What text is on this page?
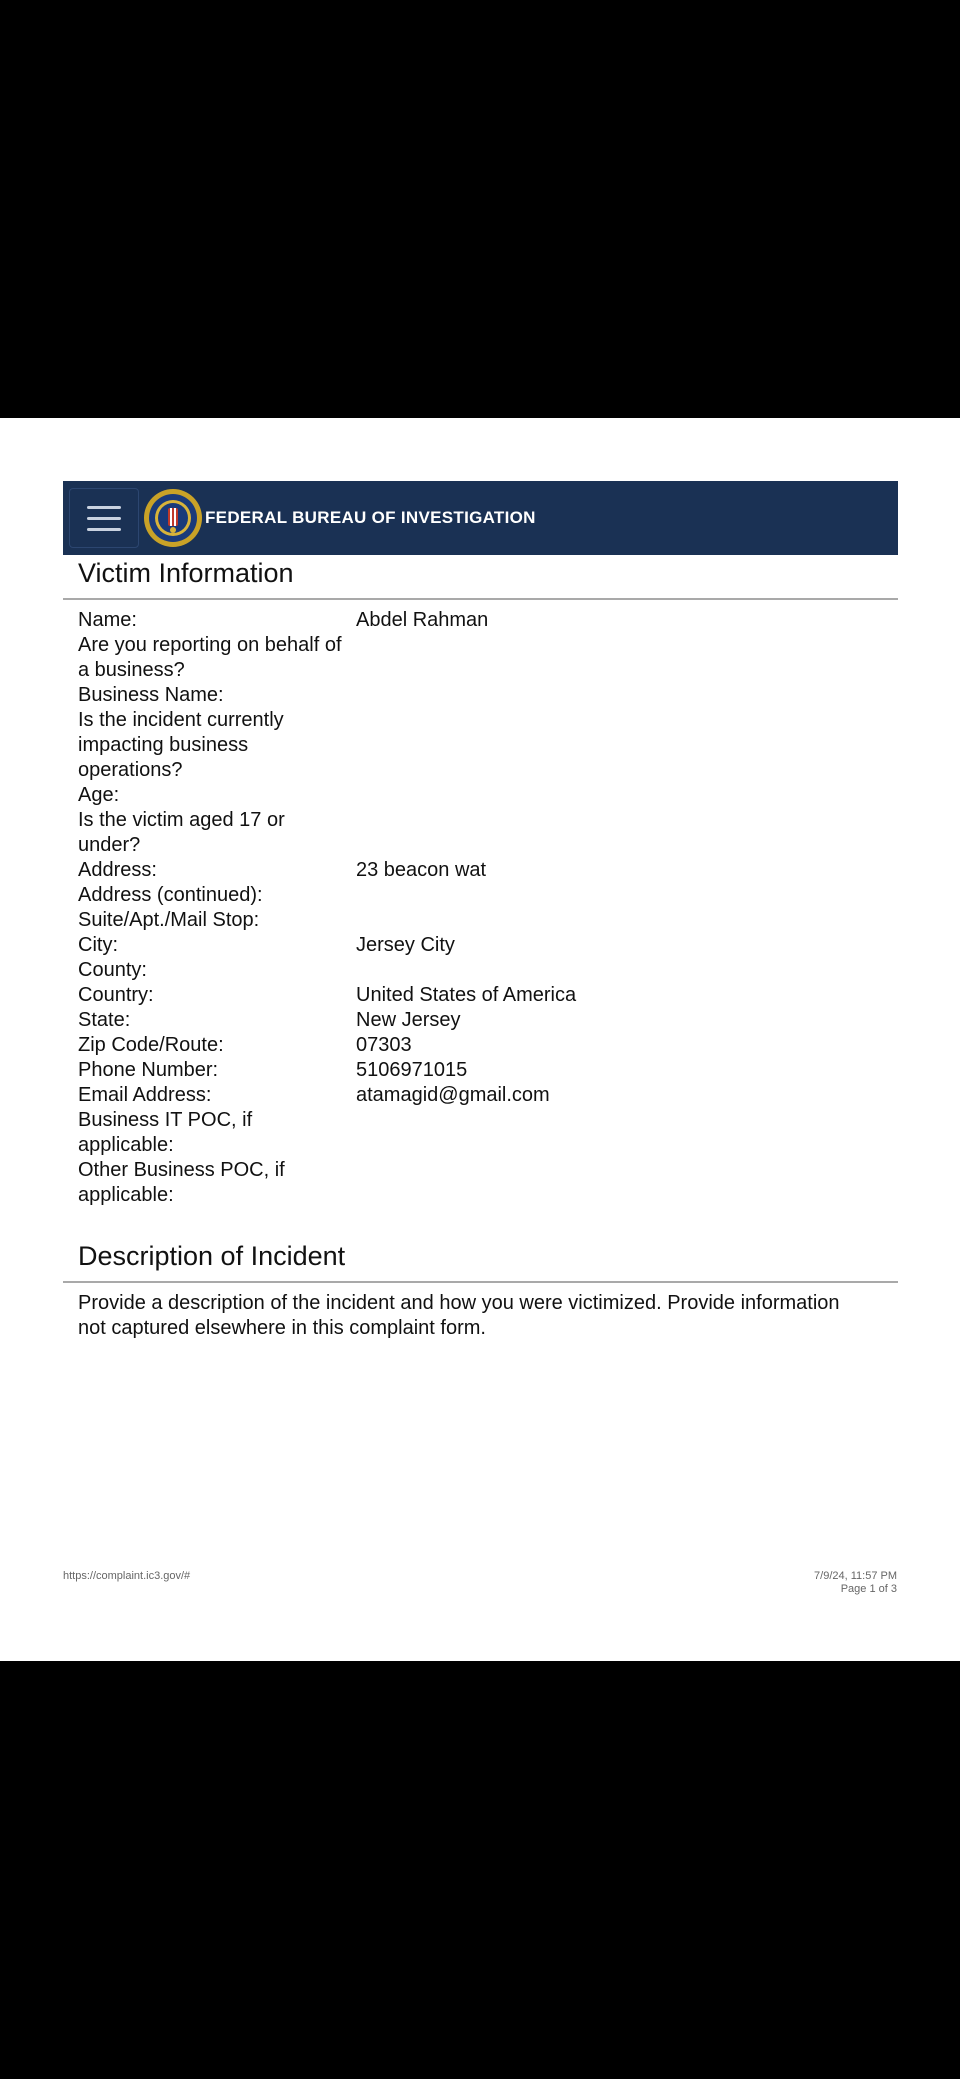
FEDERAL BUREAU OF INVESTIGATION
Victim Information
Name:	Abdel Rahman
Are you reporting on behalf of a business?
Business Name:
Is the incident currently impacting business operations?
Age:
Is the victim aged 17 or under?
Address:	23 beacon wat
Address (continued):
Suite/Apt./Mail Stop:
City:	Jersey City
County:
Country:	United States of America
State:	New Jersey
Zip Code/Route:	07303
Phone Number:	5106971015
Email Address:	atamagid@gmail.com
Business IT POC, if applicable:
Other Business POC, if applicable:
Description of Incident
Provide a description of the incident and how you were victimized. Provide information not captured elsewhere in this complaint form.
https://complaint.ic3.gov/#	7/9/24, 11:57 PM
Page 1 of 3
